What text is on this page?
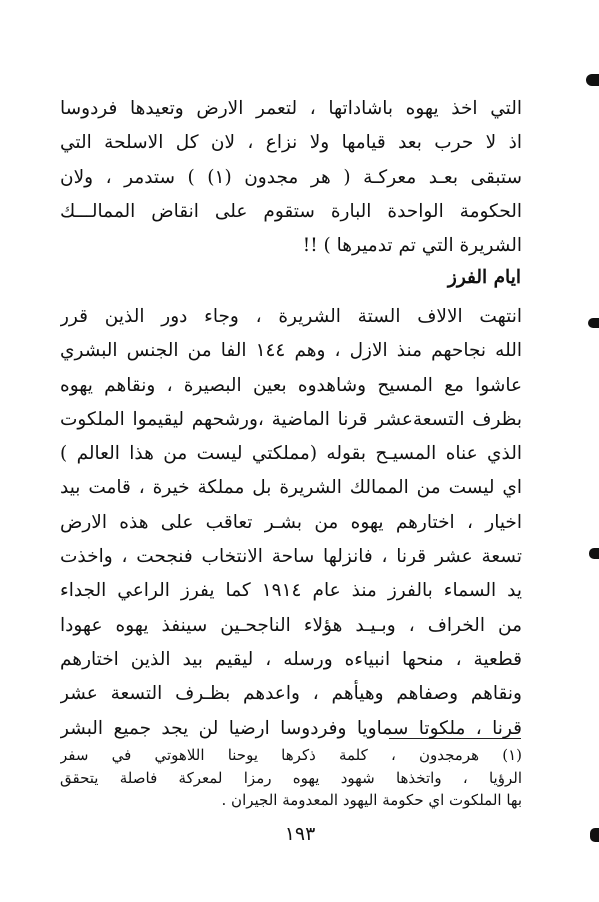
التي اخذ يهوه باشاداتها ، لتعمر الارض وتعيدها فردوسا
اذ لا حرب بعد قيامها ولا نزاع ، لان كل الاسلحة التي
ستبقى بعـد معركـة ( هر مجدون (١) ) ستدمر ، ولان
الحكومة الواحدة البارة ستقوم على انقاض الممالـــك
الشريرة التي تم تدميرها ) !!
ايام الفرز
انتهت الالاف الستة الشريرة ، وجاء دور الذين قرر
الله نجاحهم منذ الازل ، وهم ١٤٤ الفا من الجنس البشري
عاشوا مع المسيح وشاهدوه بعين البصيرة ، ونقاهم يهوه
بظرف التسعةعشر قرنا الماضية ،ورشحهم ليقيموا الملكوت
الذي عناه المسيـح بقوله (مملكتي ليست من هذا العالم )
اي ليست من الممالك الشريرة بل مملكة خيرة ، قامت بيد
اخيار ، اختارهم يهوه من بشـر تعاقب على هذه الارض
تسعة عشر قرنا ، فانزلها ساحة الانتخاب فنجحت ، واخذت
يد السماء بالفرز منذ عام ١٩١٤ كما يفرز الراعي الجداء
من الخراف ، وبـيـد هؤلاء الناجحـين سينفذ يهوه عهودا
قطعية ، منحها انبياءه ورسله ، ليقيم بيد الذين اختارهم
ونقاهم وصفاهم وهيأهم ، واعدهم بظـرف التسعة عشر
قرنا ، ملكوتا سماويا وفردوسا ارضيا لن يجد جميع البشر
(١) هرمجدون ، كلمة ذكرها يوحنا اللاهوتي في سفر
الرؤيا ، واتخذها شهود يهوه رمزا لمعركة فاصلة يتحقق
بها الملكوت اي حكومة اليهود المعدومة الجيران .
١٩٣
